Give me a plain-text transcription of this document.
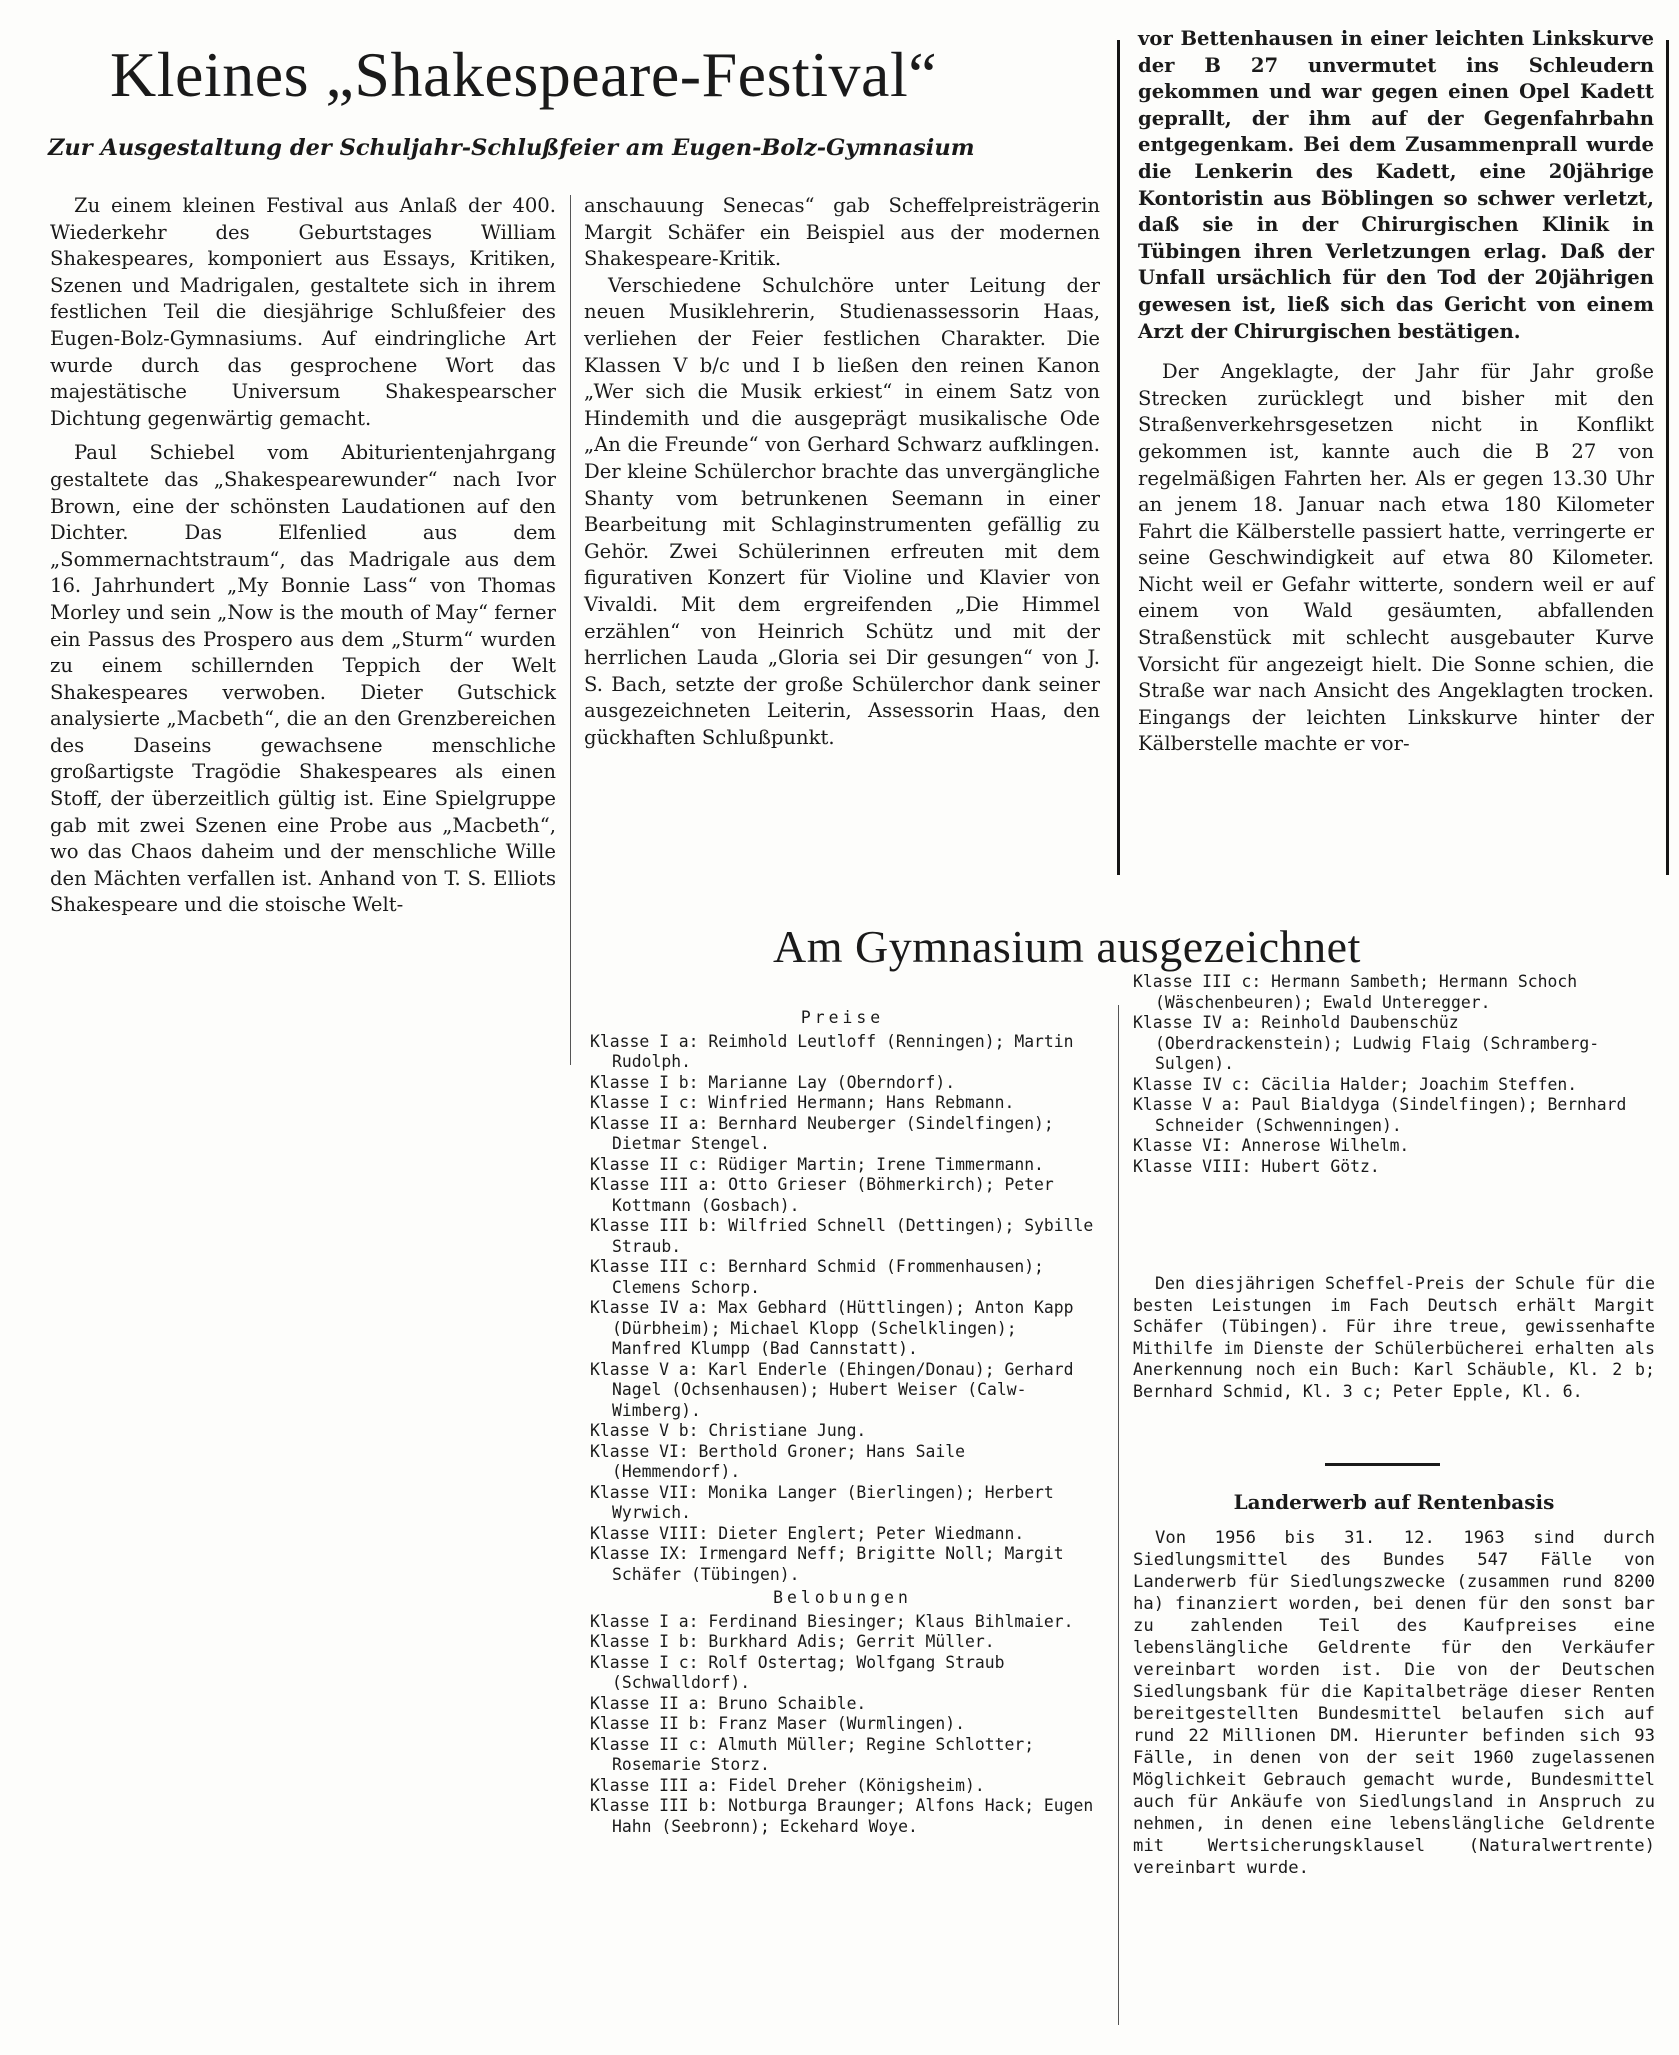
Kleines „Shakespeare-Festival“
Zur Ausgestaltung der Schuljahr-Schlußfeier am Eugen-Bolz-Gymnasium

Zu einem kleinen Festival aus Anlaß der 400. Wiederkehr des Geburtstages William Shakespeares, komponiert aus Essays, Kritiken, Szenen und Madrigalen, gestaltete sich in ihrem festlichen Teil die diesjährige Schlußfeier des Eugen-Bolz-Gymnasiums. Auf eindringliche Art wurde durch das gesprochene Wort das majestätische Universum Shakespearscher Dichtung gegenwärtig gemacht.

Paul Schiebel vom Abiturientenjahrgang gestaltete das „Shakespearewunder“ nach Ivor Brown, eine der schönsten Laudationen auf den Dichter. Das Elfenlied aus dem „Sommernachtstraum“, das Madrigale aus dem 16. Jahrhundert „My Bonnie Lass“ von Thomas Morley und sein „Now is the mouth of May“ ferner ein Passus des Prospero aus dem „Sturm“ wurden zu einem schillernden Teppich der Welt Shakespeares verwoben. Dieter Gutschick analysierte „Macbeth“, die an den Grenzbereichen des Daseins gewachsene menschliche großartigste Tragödie Shakespeares als einen Stoff, der überzeitlich gültig ist. Eine Spielgruppe gab mit zwei Szenen eine Probe aus „Macbeth“, wo das Chaos daheim und der menschliche Wille den Mächten verfallen ist. Anhand von T. S. Elliots Shakespeare und die stoische Welt-

anschauung Senecas“ gab Scheffelpreisträgerin Margit Schäfer ein Beispiel aus der modernen Shakespeare-Kritik.

Verschiedene Schulchöre unter Leitung der neuen Musiklehrerin, Studienassessorin Haas, verliehen der Feier festlichen Charakter. Die Klassen V b/c und I b ließen den reinen Kanon „Wer sich die Musik erkiest“ in einem Satz von Hindemith und die ausgeprägt musikalische Ode „An die Freunde“ von Gerhard Schwarz aufklingen. Der kleine Schülerchor brachte das unvergängliche Shanty vom betrunkenen Seemann in einer Bearbeitung mit Schlaginstrumenten gefällig zu Gehör. Zwei Schülerinnen erfreuten mit dem figurativen Konzert für Violine und Klavier von Vivaldi. Mit dem ergreifenden „Die Himmel erzählen“ von Heinrich Schütz und mit der herrlichen Lauda „Gloria sei Dir gesungen“ von J. S. Bach, setzte der große Schülerchor dank seiner ausgezeichneten Leiterin, Assessorin Haas, den gückhaften Schlußpunkt.

vor Bettenhausen in einer leichten Linkskurve der B 27 unvermutet ins Schleudern gekommen und war gegen einen Opel Kadett geprallt, der ihm auf der Gegenfahrbahn entgegenkam. Bei dem Zusammenprall wurde die Lenkerin des Kadett, eine 20jährige Kontoristin aus Böblingen so schwer verletzt, daß sie in der Chirurgischen Klinik in Tübingen ihren Verletzungen erlag. Daß der Unfall ursächlich für den Tod der 20jährigen gewesen ist, ließ sich das Gericht von einem Arzt der Chirurgischen bestätigen.

Der Angeklagte, der Jahr für Jahr große Strecken zurücklegt und bisher mit den Straßenverkehrsgesetzen nicht in Konflikt gekommen ist, kannte auch die B 27 von regelmäßigen Fahrten her. Als er gegen 13.30 Uhr an jenem 18. Januar nach etwa 180 Kilometer Fahrt die Kälberstelle passiert hatte, verringerte er seine Geschwindigkeit auf etwa 80 Kilometer. Nicht weil er Gefahr witterte, sondern weil er auf einem von Wald gesäumten, abfallenden Straßenstück mit schlecht ausgebauter Kurve Vorsicht für angezeigt hielt. Die Sonne schien, die Straße war nach Ansicht des Angeklagten trocken. Eingangs der leichten Linkskurve hinter der Kälberstelle machte er vor-

Am Gymnasium ausgezeichnet
Preise
Klasse I a: Reimhold Leutloff (Renningen); Martin Rudolph.
Klasse I b: Marianne Lay (Oberndorf).
Klasse I c: Winfried Hermann; Hans Rebmann.
Klasse II a: Bernhard Neuberger (Sindelfingen); Dietmar Stengel.
Klasse II c: Rüdiger Martin; Irene Timmermann.
Klasse III a: Otto Grieser (Böhmerkirch); Peter Kottmann (Gosbach).
Klasse III b: Wilfried Schnell (Dettingen); Sybille Straub.
Klasse III c: Bernhard Schmid (Frommenhausen); Clemens Schorp.
Klasse IV a: Max Gebhard (Hüttlingen); Anton Kapp (Dürbheim); Michael Klopp (Schelklingen); Manfred Klumpp (Bad Cannstatt).
Klasse V a: Karl Enderle (Ehingen/Donau); Gerhard Nagel (Ochsenhausen); Hubert Weiser (Calw-Wimberg).
Klasse V b: Christiane Jung.
Klasse VI: Berthold Groner; Hans Saile (Hemmendorf).
Klasse VII: Monika Langer (Bierlingen); Herbert Wyrwich.
Klasse VIII: Dieter Englert; Peter Wiedmann.
Klasse IX: Irmengard Neff; Brigitte Noll; Margit Schäfer (Tübingen).
Belobungen
Klasse I a: Ferdinand Biesinger; Klaus Bihlmaier.
Klasse I b: Burkhard Adis; Gerrit Müller.
Klasse I c: Rolf Ostertag; Wolfgang Straub (Schwalldorf).
Klasse II a: Bruno Schaible.
Klasse II b: Franz Maser (Wurmlingen).
Klasse II c: Almuth Müller; Regine Schlotter; Rosemarie Storz.
Klasse III a: Fidel Dreher (Königsheim).
Klasse III b: Notburga Braunger; Alfons Hack; Eugen Hahn (Seebronn); Eckehard Woye.
Klasse III c: Hermann Sambeth; Hermann Schoch (Wäschenbeuren); Ewald Unteregger.
Klasse IV a: Reinhold Daubenschüz (Oberdrackenstein); Ludwig Flaig (Schramberg-Sulgen).
Klasse IV c: Cäcilia Halder; Joachim Steffen.
Klasse V a: Paul Bialdyga (Sindelfingen); Bernhard Schneider (Schwenningen).
Klasse VI: Annerose Wilhelm.
Klasse VIII: Hubert Götz.

Den diesjährigen Scheffel-Preis der Schule für die besten Leistungen im Fach Deutsch erhält Margit Schäfer (Tübingen). Für ihre treue, gewissenhafte Mithilfe im Dienste der Schülerbücherei erhalten als Anerkennung noch ein Buch: Karl Schäuble, Kl. 2 b; Bernhard Schmid, Kl. 3 c; Peter Epple, Kl. 6.

Landerwerb auf Rentenbasis

Von 1956 bis 31. 12. 1963 sind durch Siedlungsmittel des Bundes 547 Fälle von Landerwerb für Siedlungszwecke (zusammen rund 8200 ha) finanziert worden, bei denen für den sonst bar zu zahlenden Teil des Kaufpreises eine lebenslängliche Geldrente für den Verkäufer vereinbart worden ist. Die von der Deutschen Siedlungsbank für die Kapitalbeträge dieser Renten bereitgestellten Bundesmittel belaufen sich auf rund 22 Millionen DM. Hierunter befinden sich 93 Fälle, in denen von der seit 1960 zugelassenen Möglichkeit Gebrauch gemacht wurde, Bundesmittel auch für Ankäufe von Siedlungsland in Anspruch zu nehmen, in denen eine lebenslängliche Geldrente mit Wertsicherungsklausel (Naturalwertrente) vereinbart wurde.
